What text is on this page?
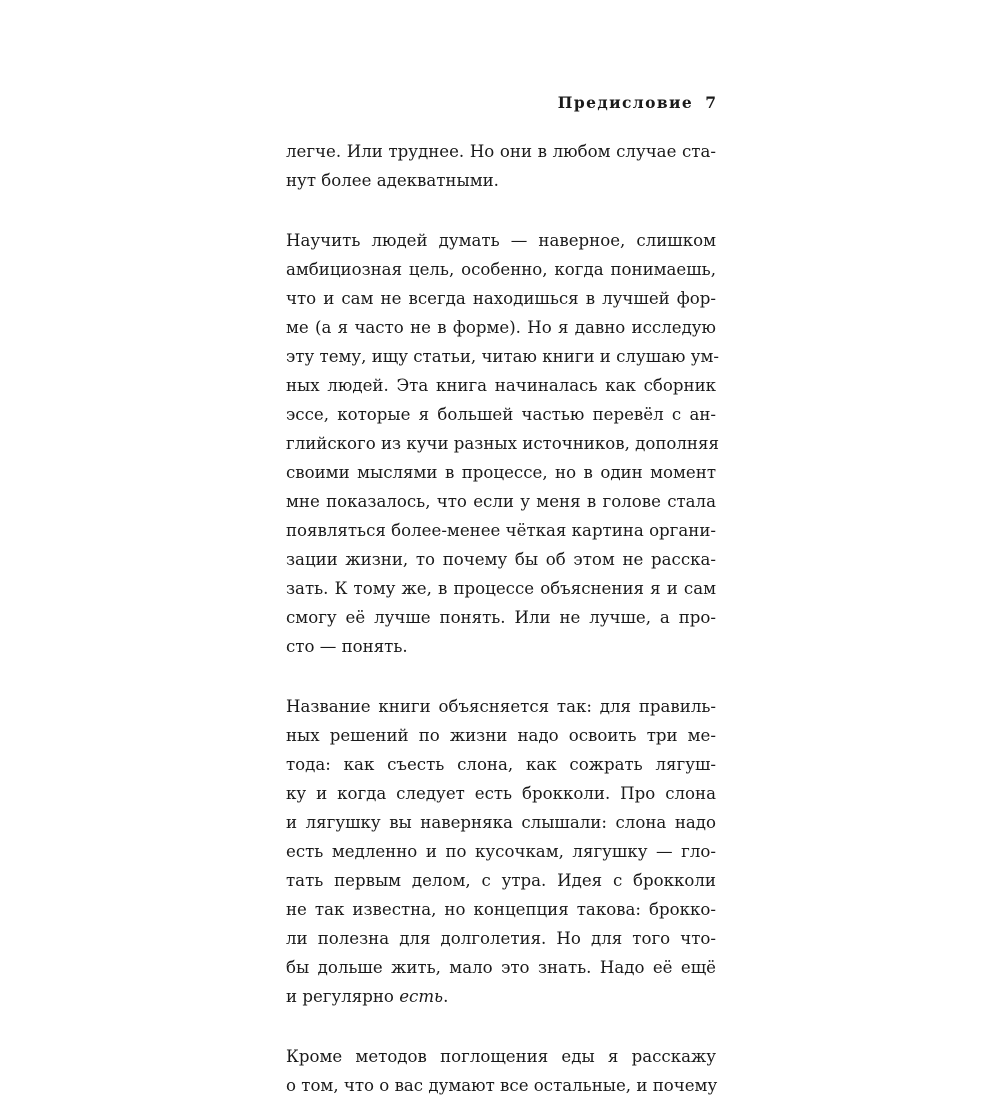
Предисловие 7
легче. Или труднее. Но они в любом случае ста-
нут более адекватными.
Научить людей думать — наверное, слишком
амбициозная цель, особенно, когда понимаешь,
что и сам не всегда находишься в лучшей фор-
ме (а я часто не в форме). Но я давно исследую
эту тему, ищу статьи, читаю книги и слушаю ум-
ных людей. Эта книга начиналась как сборник
эссе, которые я большей частью перевёл с ан-
глийского из кучи разных источников, дополняя
своими мыслями в процессе, но в один момент
мне показалось, что если у меня в голове стала
появляться более-менее чёткая картина органи-
зации жизни, то почему бы об этом не расска-
зать. К тому же, в процессе объяснения я и сам
смогу её лучше понять. Или не лучше, а про-
сто — понять.
Название книги объясняется так: для правиль-
ных решений по жизни надо освоить три ме-
тода: как съесть слона, как сожрать лягуш-
ку и когда следует есть брокколи. Про слона
и лягушку вы наверняка слышали: слона надо
есть медленно и по кусочкам, лягушку — гло-
тать первым делом, с утра. Идея с брокколи
не так известна, но концепция такова: брокко-
ли полезна для долголетия. Но для того что-
бы дольше жить, мало это знать. Надо её ещё
и регулярно есть.
Кроме методов поглощения еды я расскажу
о том, что о вас думают все остальные, и почему
